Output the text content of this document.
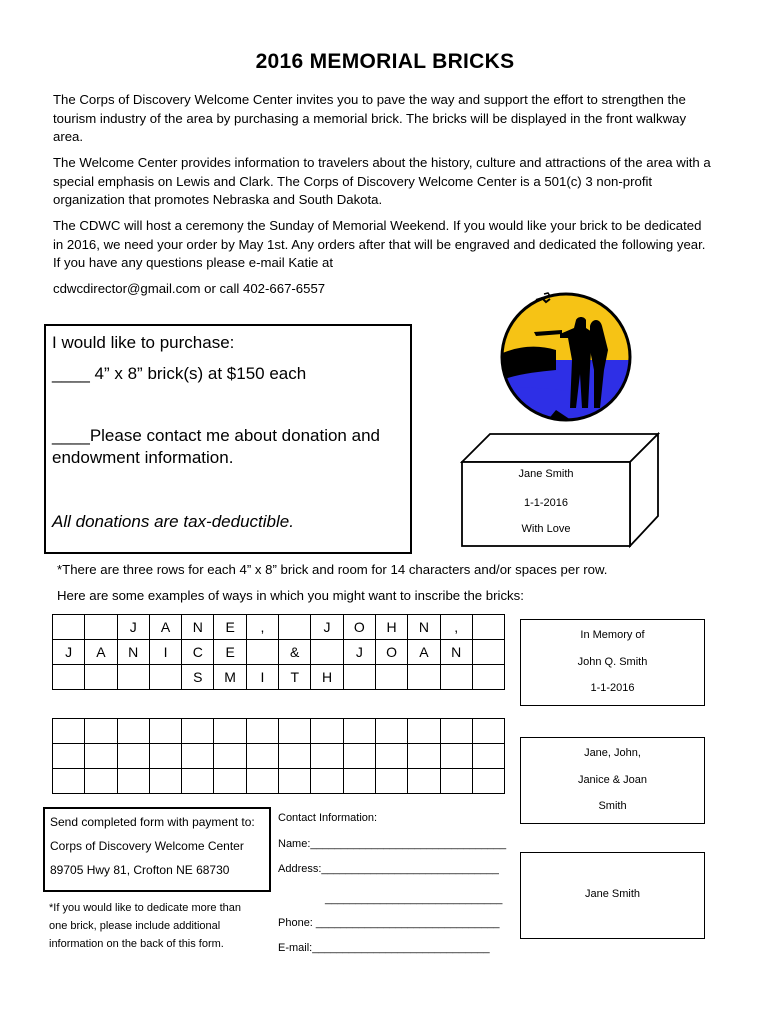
2016 MEMORIAL BRICKS
The Corps of Discovery Welcome Center invites you to pave the way and support the effort to strengthen the tourism industry of the area by purchasing a memorial brick. The bricks will be displayed in the front walkway area.
The Welcome Center provides information to travelers about the history, culture and attractions of the area with a special emphasis on Lewis and Clark. The Corps of Discovery Welcome Center is a 501(c) 3 non-profit organization that promotes Nebraska and South Dakota.
The CDWC will host a ceremony the Sunday of Memorial Weekend. If you would like your brick to be dedicated in 2016, we need your order by May 1st. Any orders after that will be engraved and dedicated the following year. If you have any questions please e-mail Katie at
cdwcdirector@gmail.com or call 402-667-6557
I would like to purchase:
____ 4” x 8” brick(s) at $150 each
____Please contact me about donation and endowment information.
All donations are tax-deductible.
Jane Smith
1-1-2016
With Love
*There are three rows for each 4” x 8” brick and room for 14 characters and/or spaces per row.
Here are some examples of ways in which you might want to inscribe the bricks:
		J	A	N	E	,		J	O	H	N	,	
J	A	N	I	C	E		&		J	O	A	N	
				S	M	I	T	H					

In Memory of
John Q. Smith
1-1-2016
Jane, John,
Janice & Joan
Smith
Jane Smith
Send completed form with payment to:
Corps of Discovery Welcome Center
89705 Hwy 81, Crofton NE 68730
*If you would like to dedicate more than
one brick, please include additional
information on the back of this form.
Contact Information:
Name:________________________________
Address:_____________________________
_____________________________
Phone: ______________________________
E-mail:_____________________________
